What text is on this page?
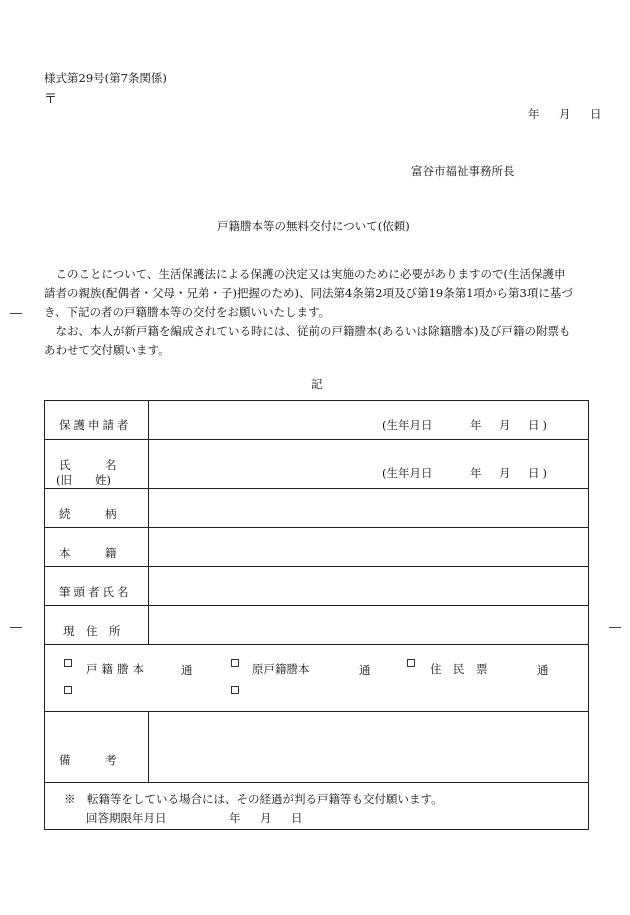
様式第29号(第7条関係)
〒
年　月　日
富谷市福祉事務所長
戸籍謄本等の無料交付について(依頼)

このことについて、生活保護法による保護の決定又は実施のために必要がありますので(生活保護申

請者の親族(配偶者・父母・兄弟・子)把握のため)、同法第4条第2項及び第19条第1項から第3項に基づ
き、下記の者の戸籍謄本等の交付をお願いいたします。

なお、本人が新戸籍を編成されている時には、従前の戸籍謄本(あるいは除籍謄本)及び戸籍の附票も

あわせて交付願います。
記
保護申請者	(生年月日	年　月　日)
氏　　　名
(旧　　姓)	(生年月日	年　月　日)
続　　　柄
本　　　籍
筆頭者氏名
現　住　所
戸籍謄本	通	原戸籍謄本	通	住　民　票	通
備　　　考
※　転籍等をしている場合には、その経過が判る戸籍等も交付願います。
回答期限年月日	年　月　日
